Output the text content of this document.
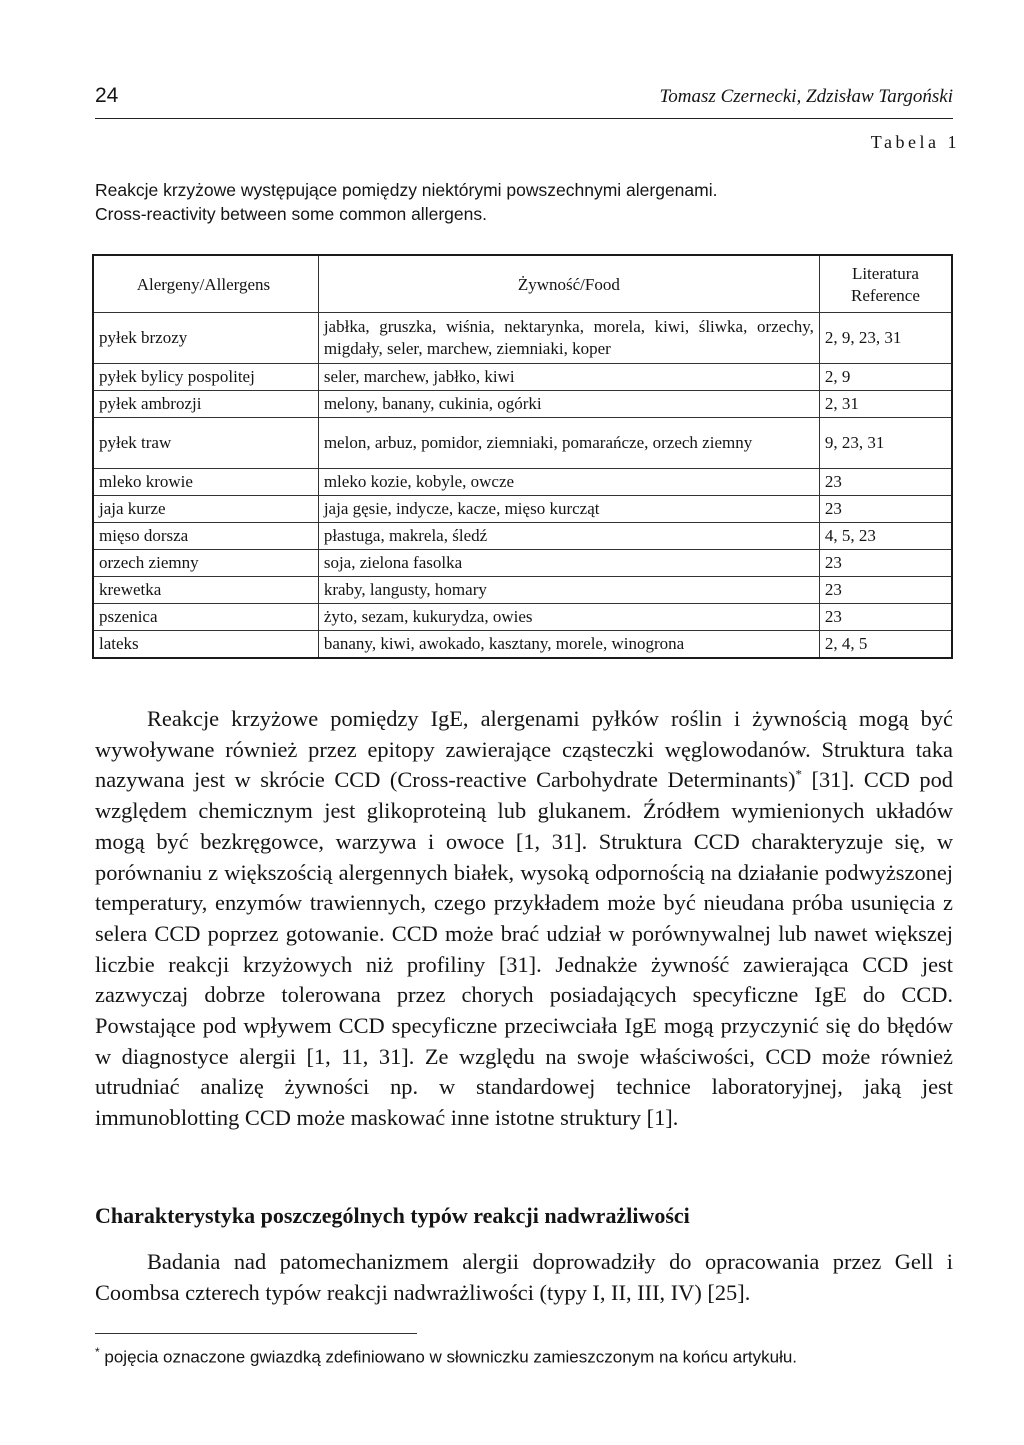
24	Tomasz Czernecki, Zdzisław Targoński
Tabela 1
Reakcje krzyżowe występujące pomiędzy niektórymi powszechnymi alergenami.
Cross-reactivity between some common allergens.
Alergeny/Allergens	Żywność/Food	Literatura
Reference

pyłek brzozy	jabłka, gruszka, wiśnia, nektarynka, morela, kiwi, śliwka, orzechy, migdały, seler, marchew, ziemniaki, koper	2, 9, 23, 31
pyłek bylicy pospolitej	seler, marchew, jabłko, kiwi	2, 9
pyłek ambrozji	melony, banany, cukinia, ogórki	2, 31
pyłek traw	melon, arbuz, pomidor, ziemniaki, pomarańcze, orzech ziemny	9, 23, 31
mleko krowie	mleko kozie, kobyle, owcze	23
jaja kurze	jaja gęsie, indycze, kacze, mięso kurcząt	23
mięso dorsza	płastuga, makrela, śledź	4, 5, 23
orzech ziemny	soja, zielona fasolka	23
krewetka	kraby, langusty, homary	23
pszenica	żyto, sezam, kukurydza, owies	23
lateks	banany, kiwi, awokado, kasztany, morele, winogrona	2, 4, 5

Reakcje krzyżowe pomiędzy IgE, alergenami pyłków roślin i żywnością mogą być wywoływane również przez epitopy zawierające cząsteczki węglowodanów. Struktura taka nazywana jest w skrócie CCD (Cross-reactive Carbohydrate Determinants)* [31]. CCD pod względem chemicznym jest glikoproteiną lub glukanem. Źródłem wymienionych układów mogą być bezkręgowce, warzywa i owoce [1, 31]. Struktura CCD charakteryzuje się, w porównaniu z większością alergennych białek, wysoką odpornością na działanie podwyższonej temperatury, enzymów trawiennych, czego przykładem może być nieudana próba usunięcia z selera CCD poprzez gotowanie. CCD może brać udział w porównywalnej lub nawet większej liczbie reakcji krzyżowych niż profiliny [31]. Jednakże żywność zawierająca CCD jest zazwyczaj dobrze tolerowana przez chorych posiadających specyficzne IgE do CCD. Powstające pod wpływem CCD specyficzne przeciwciała IgE mogą przyczynić się do błędów w diagnostyce alergii [1, 11, 31]. Ze względu na swoje właściwości, CCD może również utrudniać analizę żywności np. w standardowej technice laboratoryjnej, jaką jest immunoblotting CCD może maskować inne istotne struktury [1].

Charakterystyka poszczególnych typów reakcji nadwrażliwości

Badania nad patomechanizmem alergii doprowadziły do opracowania przez Gell i Coombsa czterech typów reakcji nadwrażliwości (typy I, II, III, IV) [25].

* pojęcia oznaczone gwiazdką zdefiniowano w słowniczku zamieszczonym na końcu artykułu.
